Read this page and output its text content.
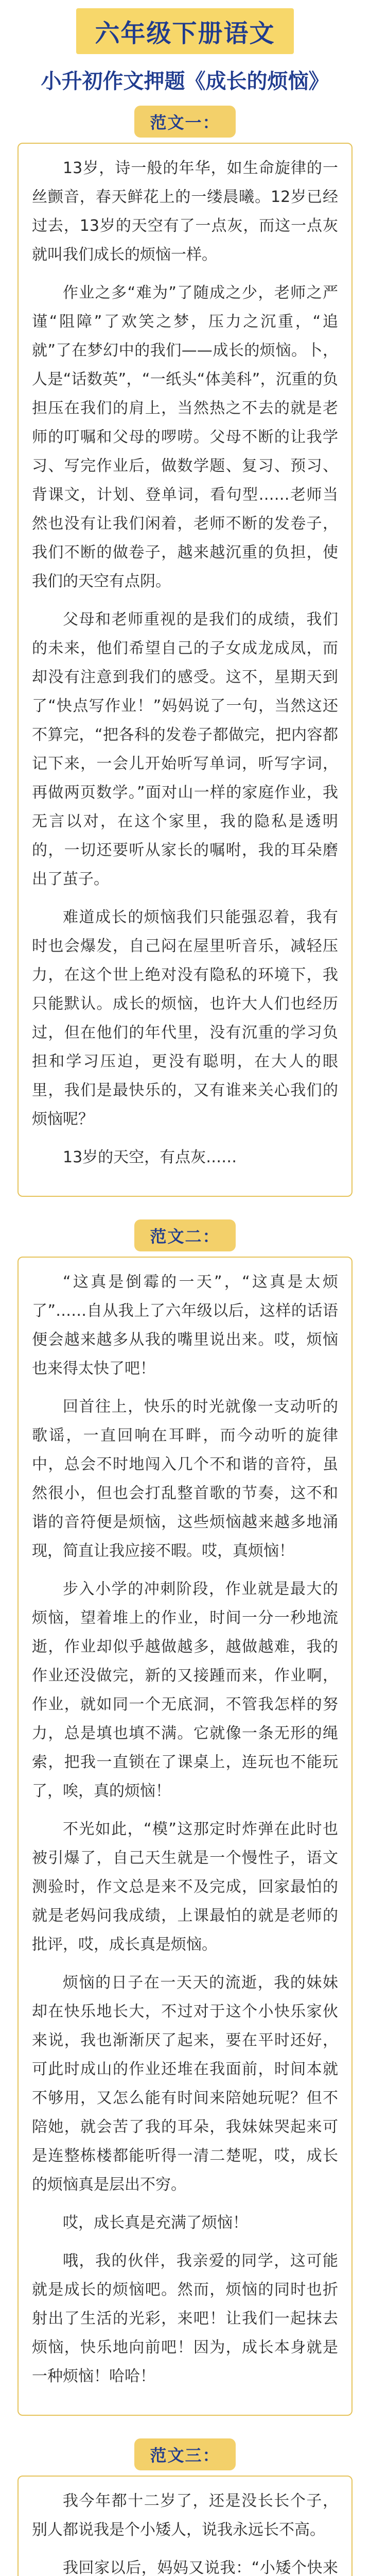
六年级下册语文
小升初作文押题《成长的烦恼》
范文一：

13岁，诗一般的年华，如生命旋律的一丝颤音，春天鲜花上的一缕晨曦。12岁已经过去，13岁的天空有了一点灰，而这一点灰就叫我们成长的烦恼一样。

作业之多“难为”了随成之少，老师之严谨“阻障”了欢笑之梦，压力之沉重，“追就”了在梦幻中的我们——成长的烦恼。卜，人是“话数英”，“一纸头“体美科”，沉重的负担压在我们的肩上，当然热之不去的就是老师的叮嘱和父母的啰唠。父母不断的让我学习、写完作业后，做数学题、复习、预习、背课文，计划、登单词，看句型……老师当然也没有让我们闲着，老师不断的发卷子，我们不断的做卷子，越来越沉重的负担，使我们的天空有点阴。

父母和老师重视的是我们的成绩，我们的未来，他们希望自己的子女成龙成凤，而却没有注意到我们的感受。这不，星期天到了“快点写作业！”妈妈说了一句，当然这还不算完，“把各科的发卷子都做完，把内容都记下来，一会儿开始听写单词，听写字词，再做两页数学。”面对山一样的家庭作业，我无言以对，在这个家里，我的隐私是透明的，一切还要听从家长的嘱咐，我的耳朵磨出了茧子。

难道成长的烦恼我们只能强忍着，我有时也会爆发，自己闷在屋里听音乐，减轻压力，在这个世上绝对没有隐私的环境下，我只能默认。成长的烦恼，也许大人们也经历过，但在他们的年代里，没有沉重的学习负担和学习压迫，更没有聪明，在大人的眼里，我们是最快乐的，又有谁来关心我们的烦恼呢？

13岁的天空，有点灰……

范文二：

“这真是倒霉的一天”，“这真是太烦了”……自从我上了六年级以后，这样的话语便会越来越多从我的嘴里说出来。哎，烦恼也来得太快了吧！

回首往上，快乐的时光就像一支动听的歌谣，一直回响在耳畔，而今动听的旋律中，总会不时地闯入几个不和谐的音符，虽然很小，但也会打乱整首歌的节奏，这不和谐的音符便是烦恼，这些烦恼越来越多地涌现，简直让我应接不暇。哎，真烦恼！

步入小学的冲刺阶段，作业就是最大的烦恼，望着堆上的作业，时间一分一秒地流逝，作业却似乎越做越多，越做越难，我的作业还没做完，新的又接踵而来，作业啊，作业，就如同一个无底洞，不管我怎样的努力，总是填也填不满。它就像一条无形的绳索，把我一直锁在了课桌上，连玩也不能玩了，唉，真的烦恼！

不光如此，“模”这那定时炸弹在此时也被引爆了，自己天生就是一个慢性子，语文测验时，作文总是来不及完成，回家最怕的就是老妈问我成绩，上课最怕的就是老师的批评，哎，成长真是烦恼。

烦恼的日子在一天天的流逝，我的妹妹却在快乐地长大，不过对于这个小快乐家伙来说，我也渐渐厌了起来，要在平时还好，可此时成山的作业还堆在我面前，时间本就不够用，又怎么能有时间来陪她玩呢？但不陪她，就会苦了我的耳朵，我妹妹哭起来可是连整栋楼都能听得一清二楚呢，哎，成长的烦恼真是层出不穷。

哎，成长真是充满了烦恼！

哦，我的伙伴，我亲爱的同学，这可能就是成长的烦恼吧。然而，烦恼的同时也折射出了生活的光彩，来吧！让我们一起抹去烦恼，快乐地向前吧！因为，成长本身就是一种烦恼！哈哈！

范文三：

我今年都十二岁了，还是没长长个子，别人都说我是个小矮人，说我永远长不高。

我回家以后，妈妈又说我：“小矮个快来
